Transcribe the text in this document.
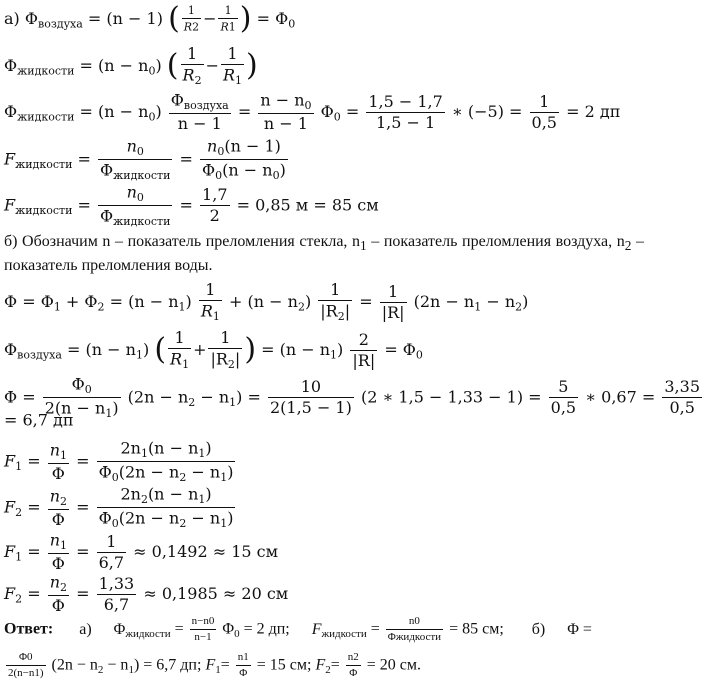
а) $\Phi_{воздуха} = (n - 1)$ ( $\frac{1}{R2} - \frac{1}{R1}$ ) = $\Phi_0$
$\Phi_{жидкости} = (n - n_0)$ ( $\frac{1}{R_2} - \frac{1}{R_1}$ )
$\Phi_{жидкости} = (n - n_0) \frac{\Phi_{воздуха}}{n - 1} = \frac{n - n_0}{n - 1} \Phi_0 = \frac{1,5 - 1,7}{1,5 - 1}$ ∗ $(-5) = \frac{1}{0,5} = 2$ дп
$F_{жидкости} = \frac{n_0}{\Phi_{жидкости}} = \frac{n_0(n - 1)}{\Phi_0(n - n_0)}$
$F_{жидкости} = \frac{n_0}{\Phi_{жидкости}} = \frac{1,7}{2} = 0,85$ м = 85 см
б) Обозначим n – показатель преломления стекла, $n_1$ – показатель преломления воздуха, $n_2$ – показатель преломления воды.
$\Phi = \Phi_1 + \Phi_2 = (n - n_1) \frac{1}{R_1} + (n - n_2) \frac{1}{|R_2|} = \frac{1}{|R|} (2n - n_1 - n_2)$
$\Phi_{воздуха} = (n - n_1)$ ( $\frac{1}{R_1} + \frac{1}{|R_2|}$ ) = $(n - n_1) \frac{2}{|R|} = \Phi_0$
$\Phi = \frac{\Phi_0}{2(n - n_1)} (2n - n_2 - n_1) = \frac{10}{2(1,5 - 1)} (2$ ∗ $1,5 - 1,33 - 1) = \frac{5}{0,5}$ ∗ $0,67 = \frac{3,35}{0,5}$
= 6,7 дп
$F_1 = \frac{n_1}{\Phi} = \frac{2n_1(n - n_1)}{\Phi_0(2n - n_2 - n_1)}$
$F_2 = \frac{n_2}{\Phi} = \frac{2n_2(n - n_1)}{\Phi_0(2n - n_2 - n_1)}$
$F_1 = \frac{n_1}{\Phi} = \frac{1}{6,7} \approx 0,1492 \approx 15$ см
$F_2 = \frac{n_2}{\Phi} = \frac{1,33}{6,7} \approx 0,1985 \approx 20$ см
Ответ: а) $\Phi_{жидкости} = \frac{n-n0}{n-1} \Phi_0 = 2$ дп; $F_{жидкости} = \frac{n0}{\text{Φжидкости}} = 85$ см; б) Φ =
$\frac{\Phi 0}{2(n-n1)} (2n - n_2 - n_1) = 6,7$ дп; $F_1= \frac{n1}{\Phi} = 15$ см; $F_2= \frac{n2}{\Phi} = 20$ см.
